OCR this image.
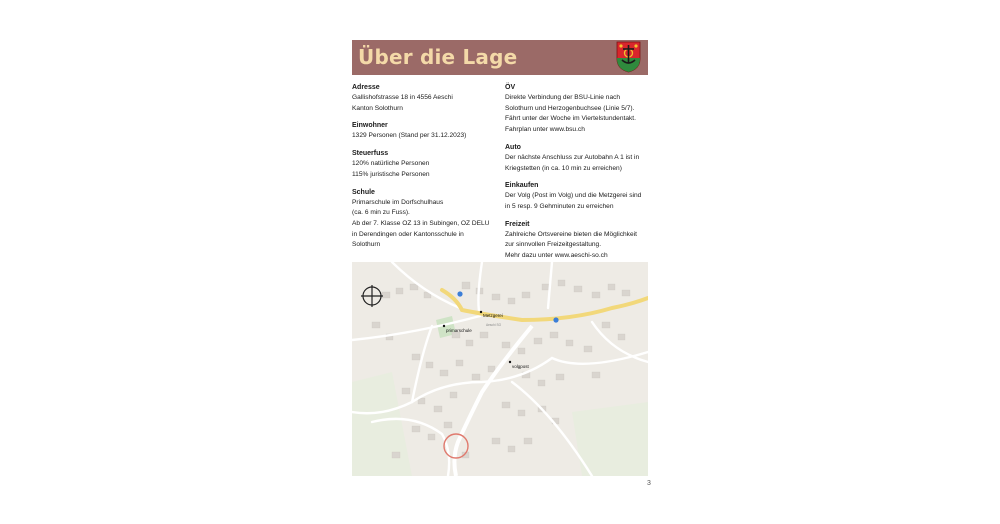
Über die Lage
Adresse
Gallishofstrasse 18 in 4556 Aeschi
Kanton Solothurn
Einwohner
1329 Personen (Stand per 31.12.2023)
Steuerfuss
120% natürliche Personen
115% juristische Personen
Schule
Primarschule im Dorfschulhaus
(ca. 6 min zu Fuss).
Ab der 7. Klasse OZ 13 in Subingen, OZ DELU
in Derendingen oder Kantonsschule in
Solothurn
ÖV
Direkte Verbindung der BSU-Linie nach
Solothurn und Herzogenbuchsee (Linie 5/7).
Fährt unter der Woche im Viertelstundentakt.
Fahrplan unter www.bsu.ch
Auto
Der nächste Anschluss zur Autobahn A 1 ist in
Kriegstetten (in ca. 10 min zu erreichen)
Einkaufen
Der Volg (Post im Volg) und die Metzgerei sind
in 5 resp. 9 Gehminuten zu erreichen
Freizeit
Zahlreiche Ortsvereine bieten die Möglichkeit
zur sinnvollen Freizeitgestaltung.
Mehr dazu unter www.aeschi-so.ch
Metzgerei
Aeschi SO
primarschule
volgpost
3
